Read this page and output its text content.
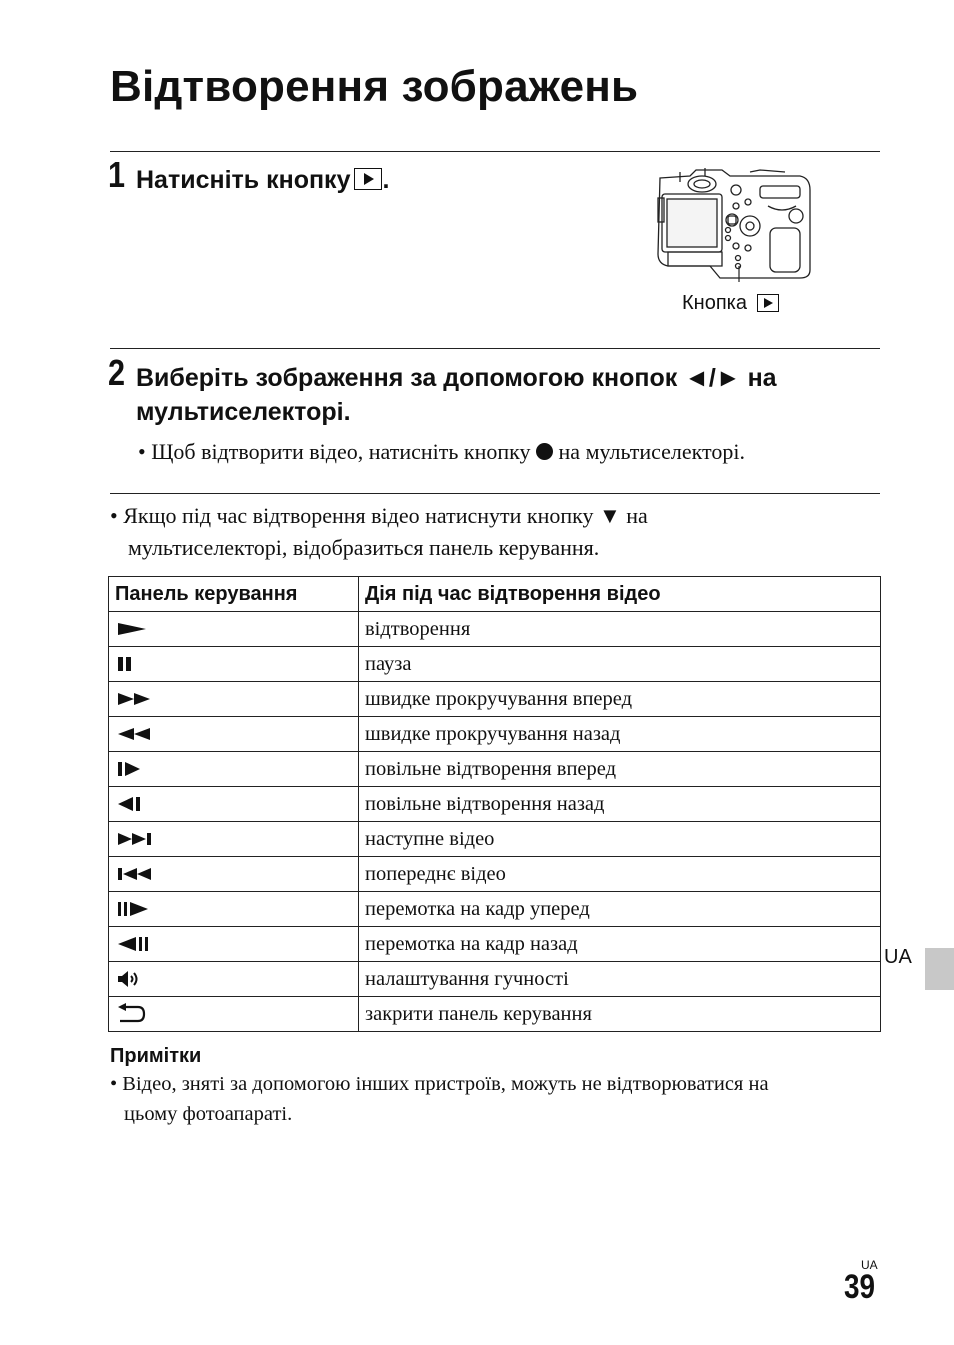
Відтворення зображень
1 Натисніть кнопку .
Кнопка
2 Виберіть зображення за допомогою кнопок ◄/► на
мультиселекторі.
• Щоб відтворити відео, натисніть кнопку на мультиселекторі.
• Якщо під час відтворення відео натиснути кнопку ▼ на
мультиселекторі, відобразиться панель керування.
Панель керування	Дія під час відтворення відео

	відтворення

	пауза

	швидке прокручування вперед

	швидке прокручування назад

	повільне відтворення вперед

	повільне відтворення назад

	наступне відео

	попереднє відео

	перемотка на кадр уперед

	перемотка на кадр назад

	налаштування гучності

	закрити панель керування
Примітки
• Відео, зняті за допомогою інших пристроїв, можуть не відтворюватися на
цьому фотоапараті.
UA
UA
39
